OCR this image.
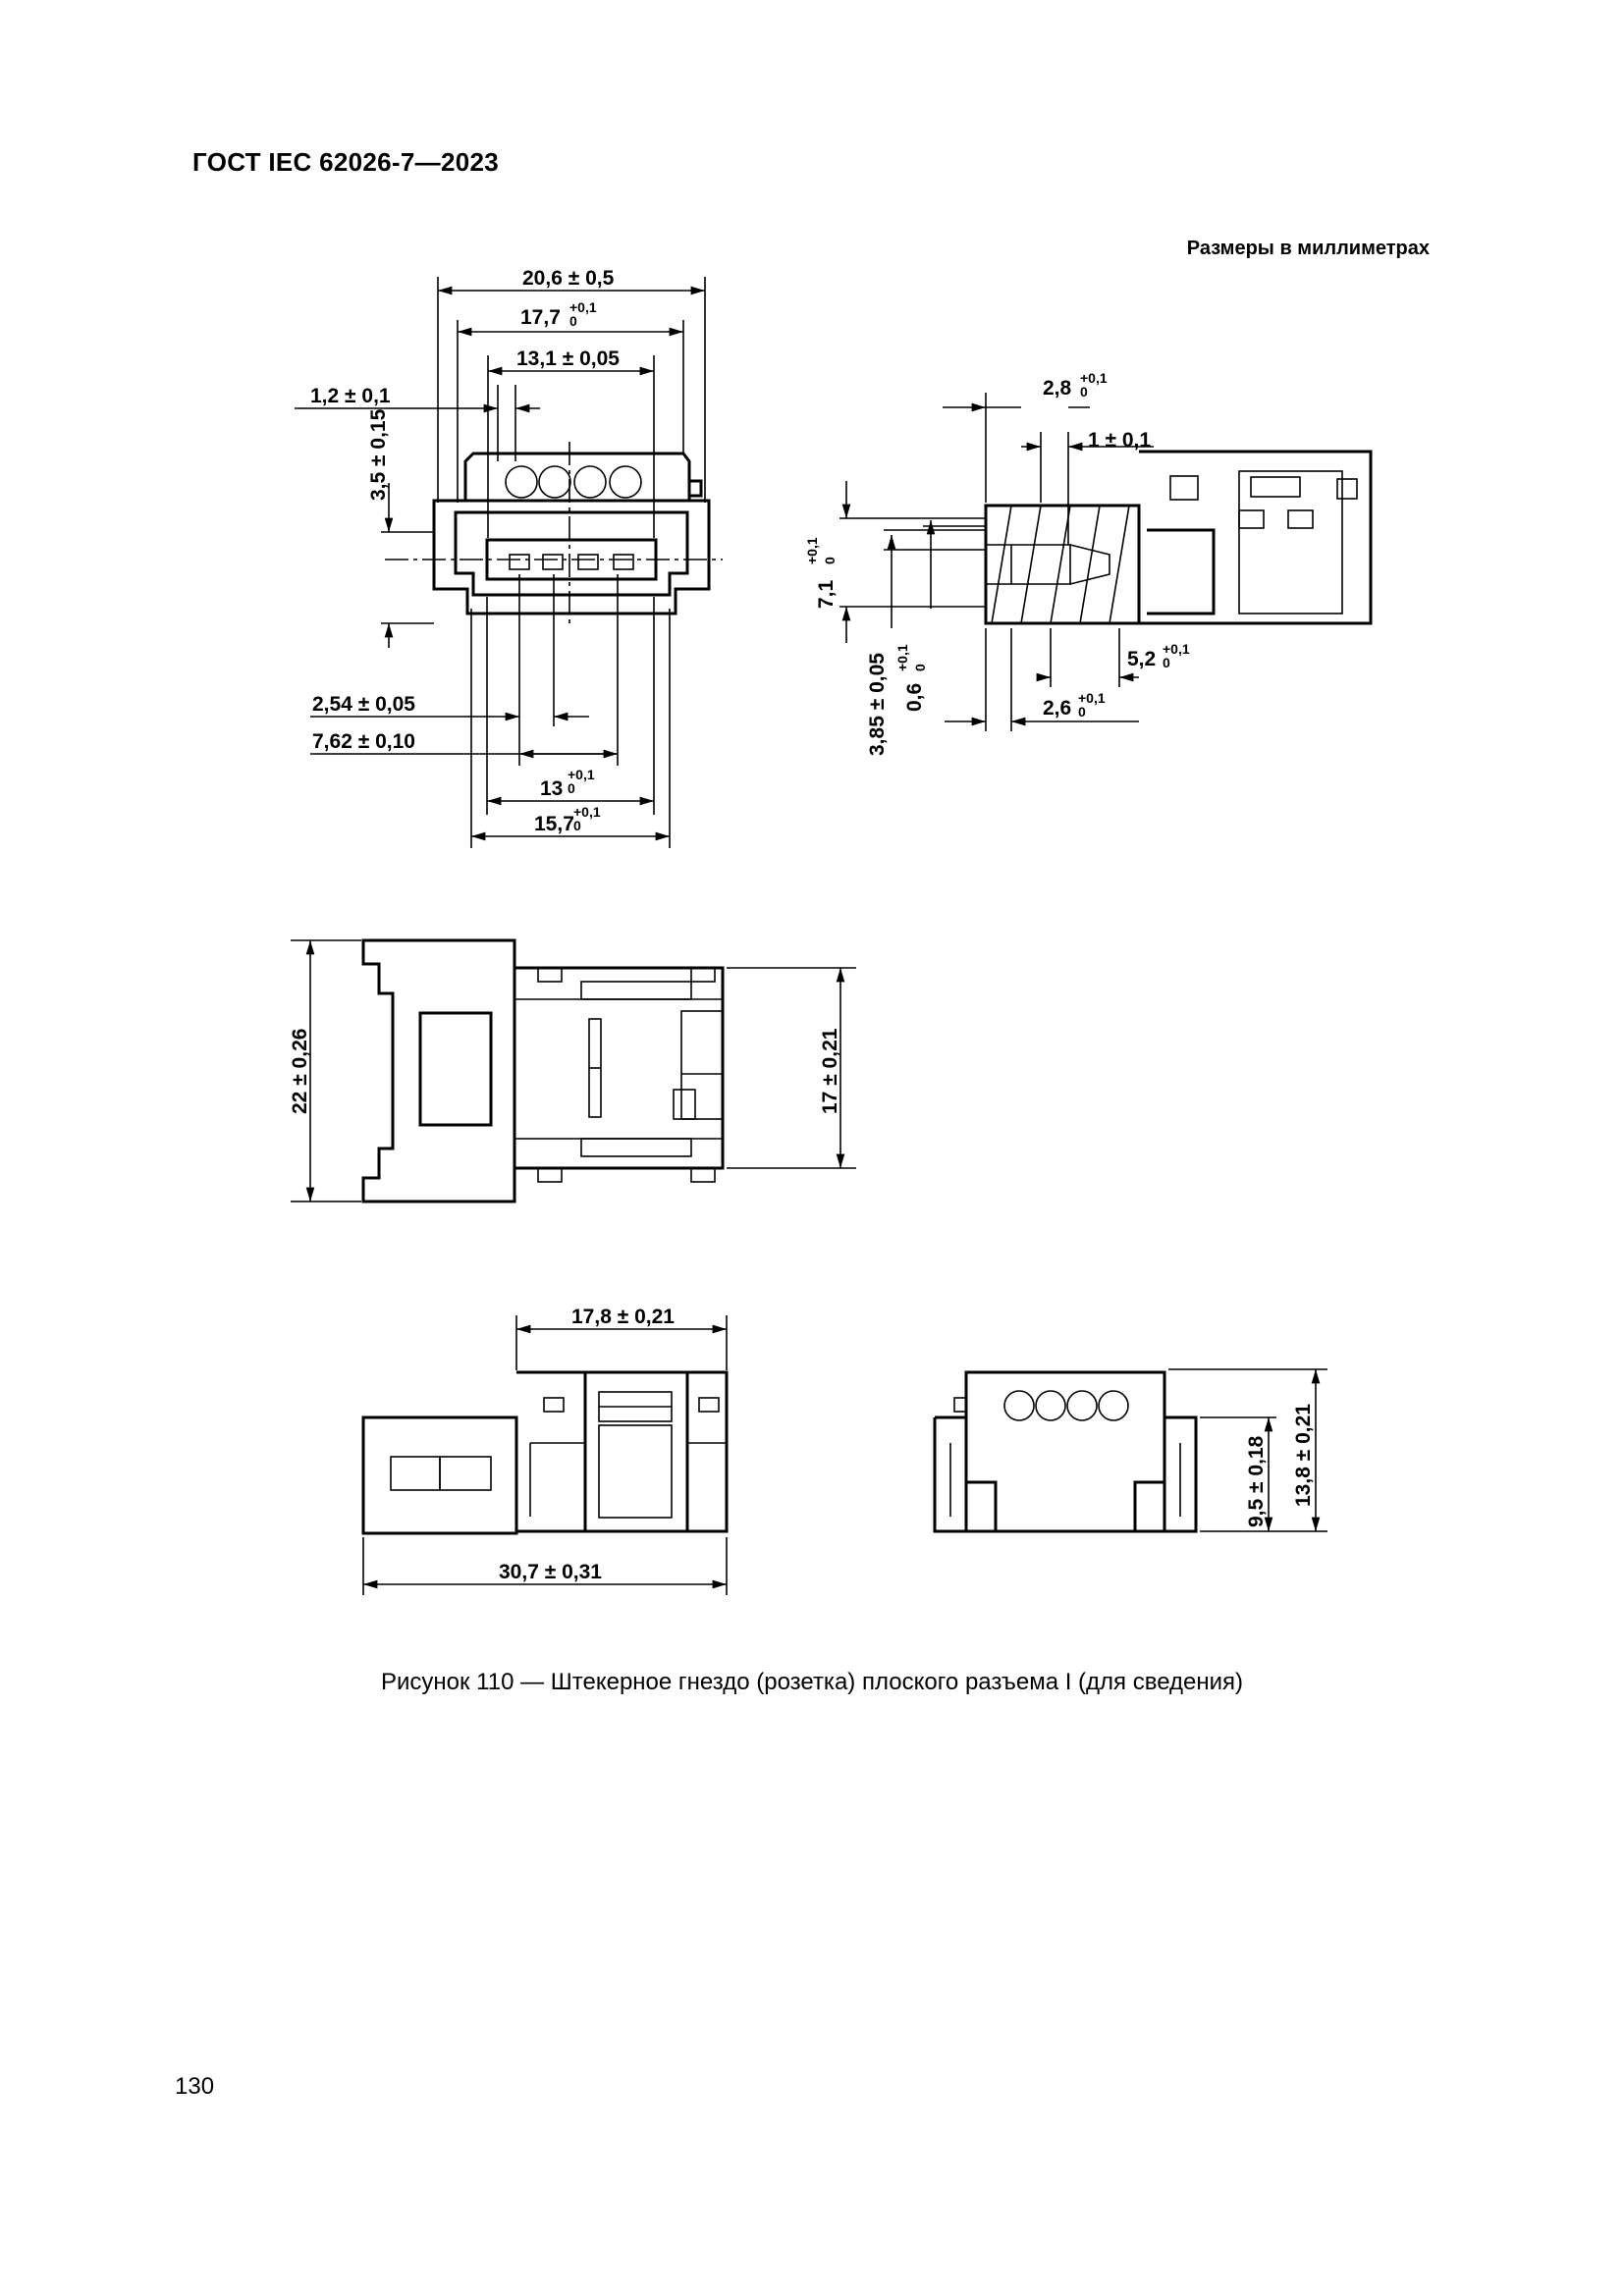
ГОСТ IEC 62026-7—2023
Размеры в миллиметрах
20,6 ± 0,5
17,7 +0,1
0
13,1 ± 0,05
1,2 ± 0,1
3,5 ± 0,15
2,54 ± 0,05
7,62 ± 0,10
13
+0,1
0
15,7
+0,1
0
2,8 +0,1
0
1 ± 0,1
7,1
+0,1 0
3,85 ± 0,05 0,6
+0,1 0	5,2 +0,1
0
2,6 +0,1
0
22 ± 0,26	17 ± 0,21
17,8 ± 0,21
30,7 ± 0,31
9,5 ± 0,18 13,8 ± 0,21
Рисунок 110 — Штекерное гнездо (розетка) плоского разъема I (для сведения)
130
